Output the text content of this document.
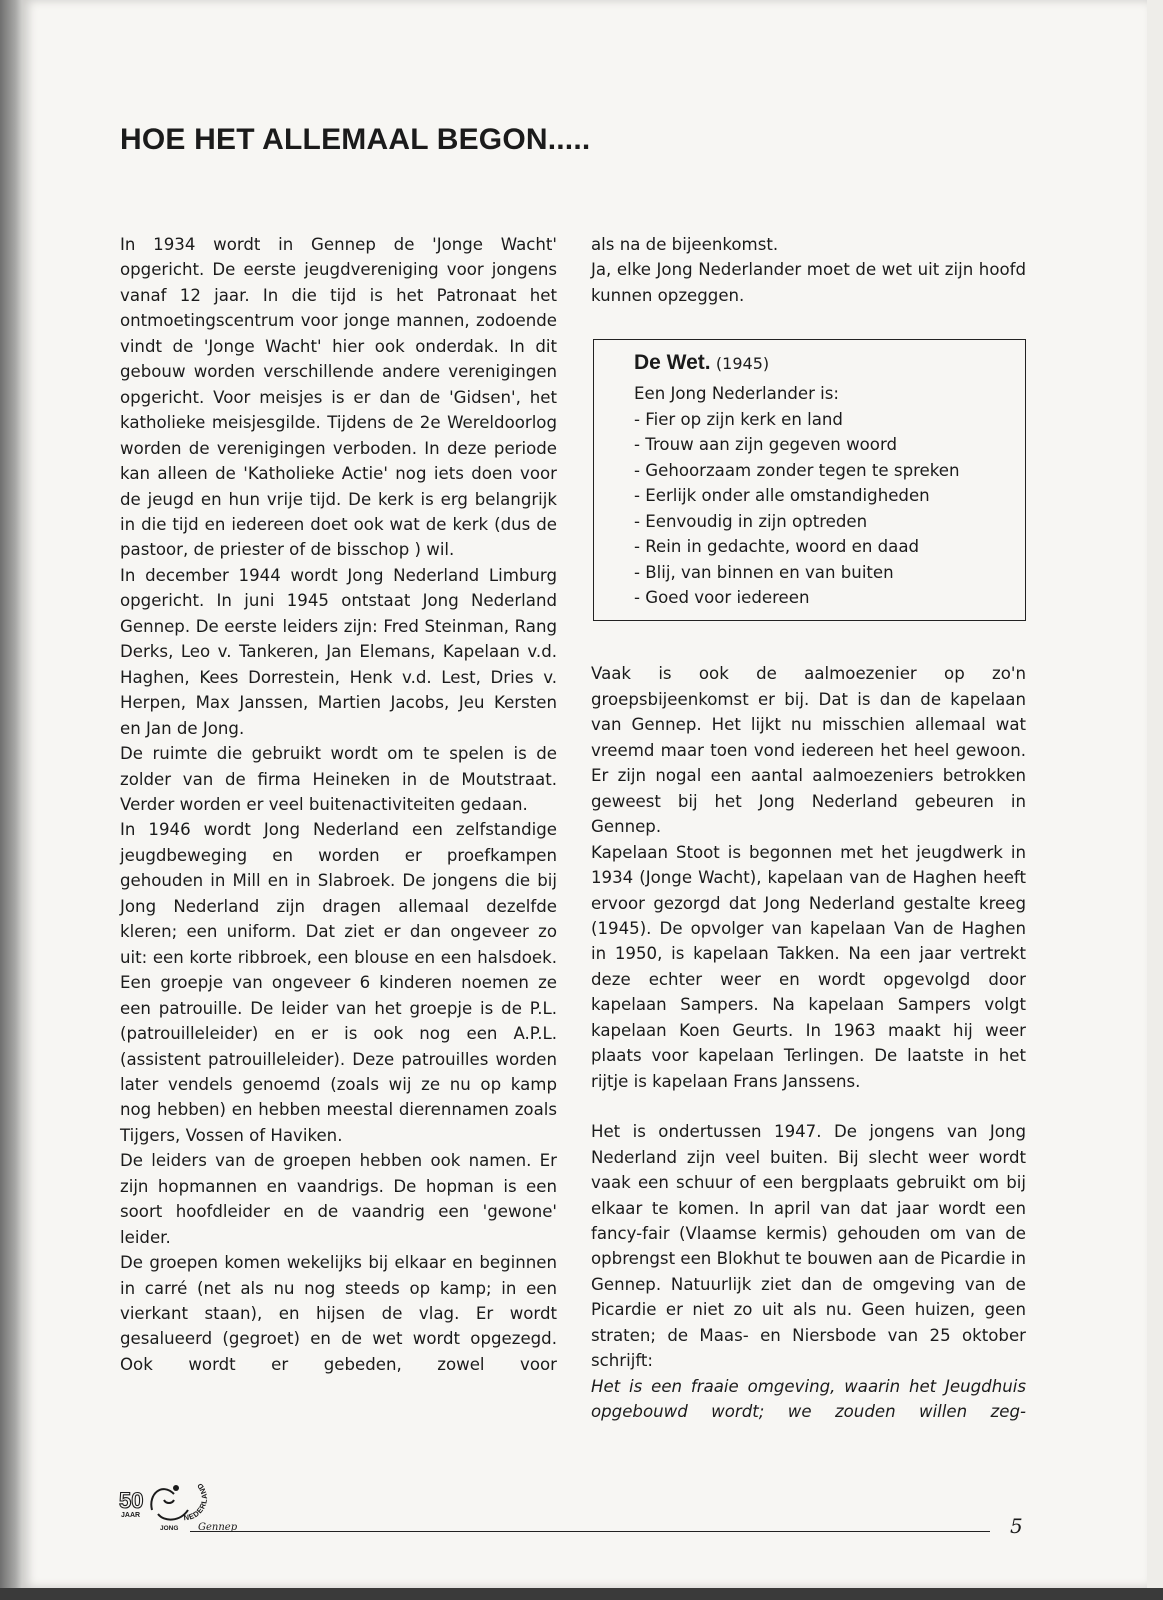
HOE HET ALLEMAAL BEGON.....

In 1934 wordt in Gennep de 'Jonge Wacht' opgericht. De eerste jeugdvereniging voor jongens vanaf 12 jaar. In die tijd is het Patronaat het ontmoetingscentrum voor jonge mannen, zodoende vindt de 'Jonge Wacht' hier ook onderdak. In dit gebouw worden verschillende andere verenigingen opgericht. Voor meisjes is er dan de 'Gidsen', het katholieke meisjesgilde. Tijdens de 2e Wereldoorlog worden de verenigingen verboden. In deze periode kan alleen de 'Katholieke Actie' nog iets doen voor de jeugd en hun vrije tijd. De kerk is erg belangrijk in die tijd en iedereen doet ook wat de kerk (dus de pastoor, de priester of de bisschop ) wil.

In december 1944 wordt Jong Nederland Limburg opgericht. In juni 1945 ontstaat Jong Nederland Gennep. De eerste leiders zijn: Fred Steinman, Rang Derks, Leo v. Tankeren, Jan Elemans, Kapelaan v.d. Haghen, Kees Dorrestein, Henk v.d. Lest, Dries v. Herpen, Max Janssen, Martien Jacobs, Jeu Kersten en Jan de Jong.

De ruimte die gebruikt wordt om te spelen is de zolder van de firma Heineken in de Moutstraat. Verder worden er veel buitenactiviteiten gedaan.

In 1946 wordt Jong Nederland een zelfstandige jeugdbeweging en worden er proefkampen gehouden in Mill en in Slabroek. De jongens die bij Jong Nederland zijn dragen allemaal dezelfde kleren; een uniform. Dat ziet er dan ongeveer zo uit: een korte ribbroek, een blouse en een halsdoek. Een groepje van ongeveer 6 kinderen noemen ze een patrouille. De leider van het groepje is de P.L. (patrouilleleider) en er is ook nog een A.P.L. (assistent patrouilleleider). Deze patrouilles worden later vendels genoemd (zoals wij ze nu op kamp nog hebben) en hebben meestal dierennamen zoals Tijgers, Vossen of Haviken.

De leiders van de groepen hebben ook namen. Er zijn hopmannen en vaandrigs. De hopman is een soort hoofdleider en de vaandrig een 'gewone' leider.

De groepen komen wekelijks bij elkaar en beginnen in carré (net als nu nog steeds op kamp; in een vierkant staan), en hijsen de vlag. Er wordt gesalueerd (gegroet) en de wet wordt opgezegd. Ook wordt er gebeden, zowel voor

als na de bijeenkomst.

Ja, elke Jong Nederlander moet de wet uit zijn hoofd kunnen opzeggen.

De Wet. (1945)

Een Jong Nederlander is:

- Fier op zijn kerk en land
- Trouw aan zijn gegeven woord
- Gehoorzaam zonder tegen te spreken
- Eerlijk onder alle omstandigheden
- Eenvoudig in zijn optreden
- Rein in gedachte, woord en daad
- Blij, van binnen en van buiten
- Goed voor iedereen

Vaak is ook de aalmoezenier op zo'n groepsbijeenkomst er bij. Dat is dan de kapelaan van Gennep. Het lijkt nu misschien allemaal wat vreemd maar toen vond iedereen het heel gewoon. Er zijn nogal een aantal aalmoezeniers betrokken geweest bij het Jong Nederland gebeuren in Gennep.

Kapelaan Stoot is begonnen met het jeugdwerk in 1934 (Jonge Wacht), kapelaan van de Haghen heeft ervoor gezorgd dat Jong Nederland gestalte kreeg (1945). De opvolger van kapelaan Van de Haghen in 1950, is kapelaan Takken. Na een jaar vertrekt deze echter weer en wordt opgevolgd door kapelaan Sampers. Na kapelaan Sampers volgt kapelaan Koen Geurts. In 1963 maakt hij weer plaats voor kapelaan Terlingen. De laatste in het rijtje is kapelaan Frans Janssens.

Het is ondertussen 1947. De jongens van Jong Nederland zijn veel buiten. Bij slecht weer wordt vaak een schuur of een bergplaats gebruikt om bij elkaar te komen. In april van dat jaar wordt een fancy-fair (Vlaamse kermis) gehouden om van de opbrengst een Blokhut te bouwen aan de Picardie in Gennep. Natuurlijk ziet dan de omgeving van de Picardie er niet zo uit als nu. Geen huizen, geen straten; de Maas- en Niersbode van 25 oktober schrijft:

Het is een fraaie omgeving, waarin het Jeugdhuis opgebouwd wordt; we zouden willen zeg-

50
JAAR	NEDERLAND
JONG Gennep	5
